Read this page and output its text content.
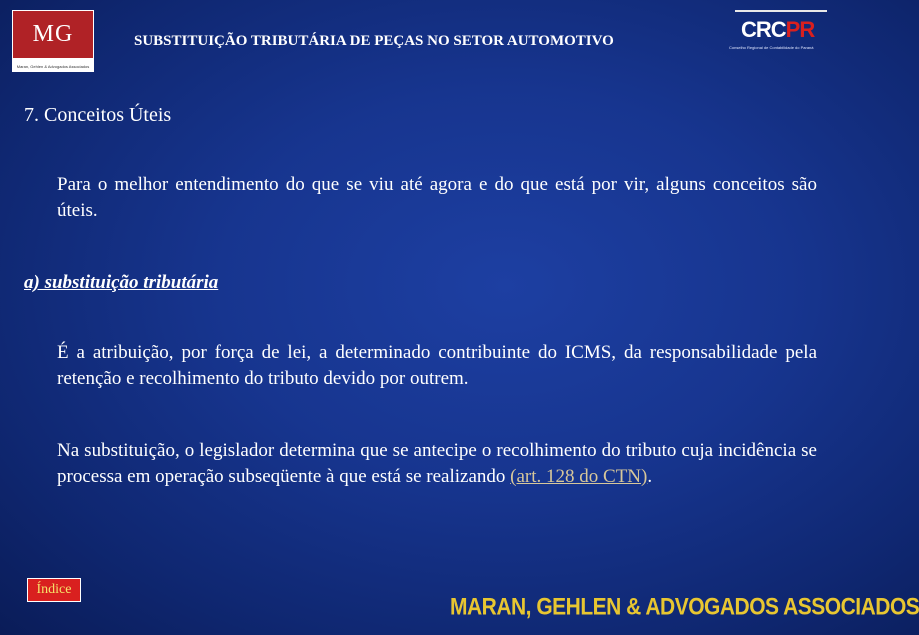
MG
Maran, Gehlen & Advogados Associados
SUBSTITUIÇÃO TRIBUTÁRIA DE PEÇAS NO SETOR AUTOMOTIVO	CRCPR
Conselho Regional de Contabilidade do Paraná
7. Conceitos Úteis
Para o melhor entendimento do que se viu até agora e do que está por vir, alguns conceitos são úteis.
a) substituição tributária
É a atribuição, por força de lei, a determinado contribuinte do ICMS, da responsabilidade pela retenção e recolhimento do tributo devido por outrem.
Na substituição, o legislador determina que se antecipe o recolhimento do tributo cuja incidência se processa em operação subseqüente à que está se realizando (art. 128 do CTN).
Índice
MARAN, GEHLEN & ADVOGADOS ASSOCIADOS
